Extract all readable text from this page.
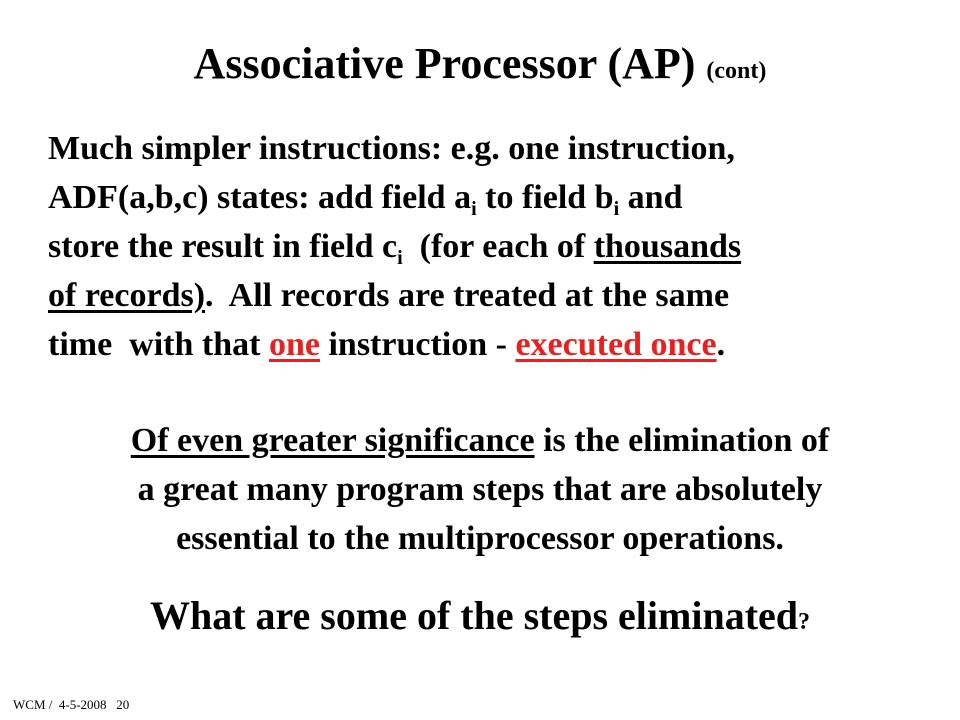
Associative Processor (AP) (cont)
Much simpler instructions: e.g. one instruction,
ADF(a,b,c) states: add field $a_i$ to field $b_i$ and
store the result in field $c_i$  (for each of thousands
of records).  All records are treated at the same
time  with that one instruction - executed once.
Of even greater significance is the elimination of
a great many program steps that are absolutely
essential to the multiprocessor operations.
What are some of the steps eliminated?
WCM /  4-5-2008   20
